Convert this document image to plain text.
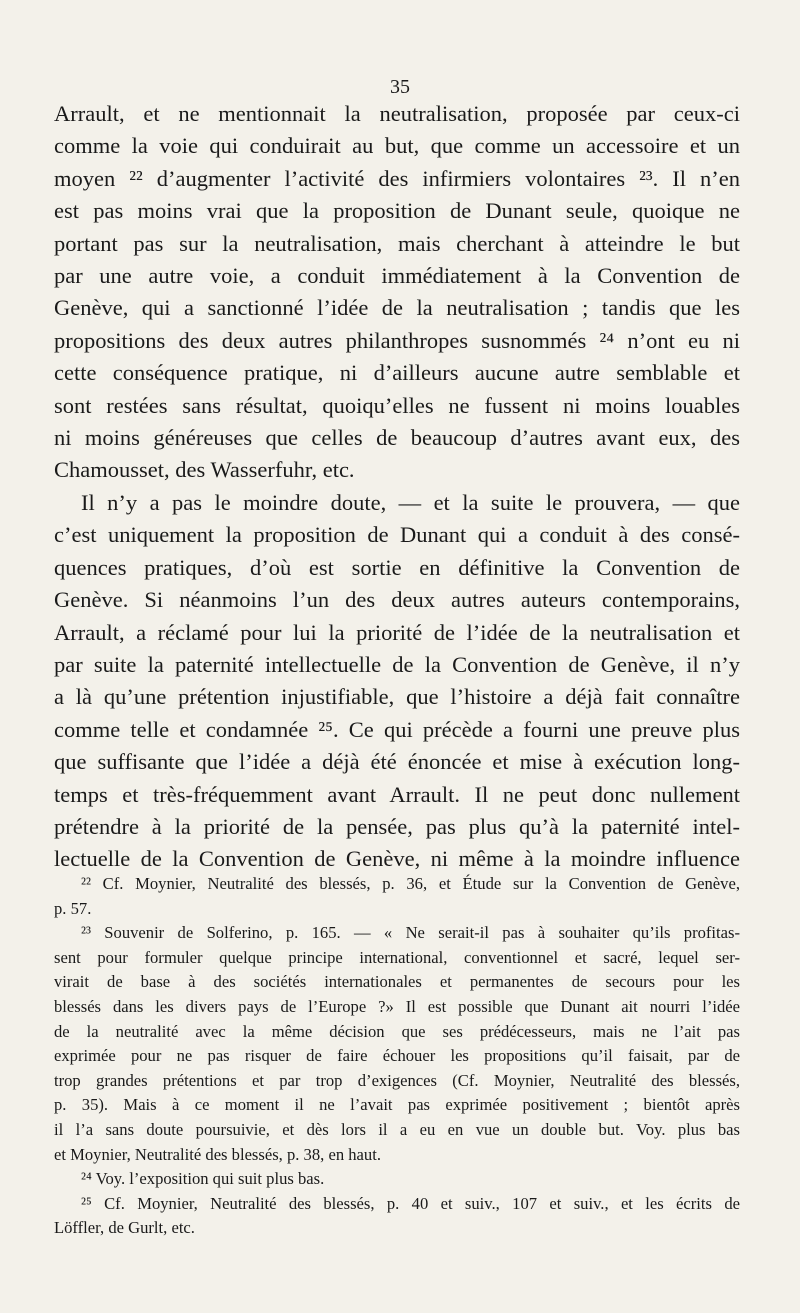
35
Arrault, et ne mentionnait la neutralisation, proposée par ceux-ci
comme la voie qui conduirait au but, que comme un accessoire et un
moyen ²² d’augmenter l’activité des infirmiers volontaires ²³. Il n’en
est pas moins vrai que la proposition de Dunant seule, quoique ne
portant pas sur la neutralisation, mais cherchant à atteindre le but
par une autre voie, a conduit immédiatement à la Convention de
Genève, qui a sanctionné l’idée de la neutralisation ; tandis que les
propositions des deux autres philanthropes susnommés ²⁴ n’ont eu ni
cette conséquence pratique, ni d’ailleurs aucune autre semblable et
sont restées sans résultat, quoiqu’elles ne fussent ni moins louables
ni moins généreuses que celles de beaucoup d’autres avant eux, des
Chamousset, des Wasserfuhr, etc.
Il n’y a pas le moindre doute, — et la suite le prouvera, — que
c’est uniquement la proposition de Dunant qui a conduit à des consé-
quences pratiques, d’où est sortie en définitive la Convention de
Genève. Si néanmoins l’un des deux autres auteurs contemporains,
Arrault, a réclamé pour lui la priorité de l’idée de la neutralisation et
par suite la paternité intellectuelle de la Convention de Genève, il n’y
a là qu’une prétention injustifiable, que l’histoire a déjà fait connaître
comme telle et condamnée ²⁵. Ce qui précède a fourni une preuve plus
que suffisante que l’idée a déjà été énoncée et mise à exécution long-
temps et très-fréquemment avant Arrault. Il ne peut donc nullement
prétendre à la priorité de la pensée, pas plus qu’à la paternité intel-
lectuelle de la Convention de Genève, ni même à la moindre influence
²² Cf. Moynier, Neutralité des blessés, p. 36, et Étude sur la Convention de Genève,
p. 57.
²³ Souvenir de Solferino, p. 165. — « Ne serait-il pas à souhaiter qu’ils profitas-
sent pour formuler quelque principe international, conventionnel et sacré, lequel ser-
virait de base à des sociétés internationales et permanentes de secours pour les
blessés dans les divers pays de l’Europe ?» Il est possible que Dunant ait nourri l’idée
de la neutralité avec la même décision que ses prédécesseurs, mais ne l’ait pas
exprimée pour ne pas risquer de faire échouer les propositions qu’il faisait, par de
trop grandes prétentions et par trop d’exigences (Cf. Moynier, Neutralité des blessés,
p. 35). Mais à ce moment il ne l’avait pas exprimée positivement ; bientôt après
il l’a sans doute poursuivie, et dès lors il a eu en vue un double but. Voy. plus bas
et Moynier, Neutralité des blessés, p. 38, en haut.
²⁴ Voy. l’exposition qui suit plus bas.
²⁵ Cf. Moynier, Neutralité des blessés, p. 40 et suiv., 107 et suiv., et les écrits de
Löffler, de Gurlt, etc.
